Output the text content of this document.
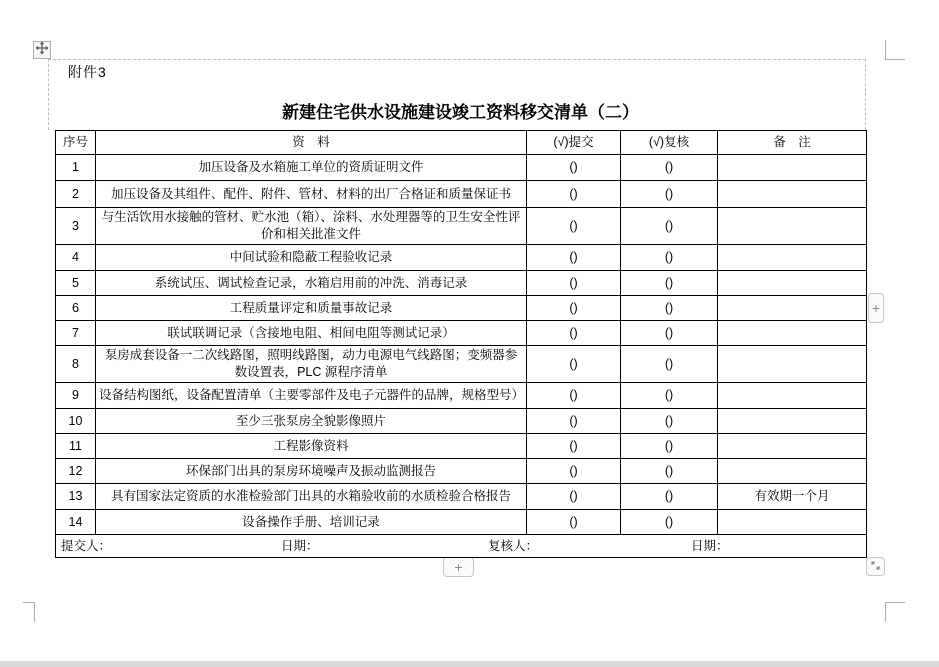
+
+
附件3
新建住宅供水设施建设竣工资料移交清单（二）
序号	资　料	(√)提交	(√)复核	备　注
1	加压设备及水箱施工单位的资质证明文件	()	()	
2	加压设备及其组件、配件、附件、管材、材料的出厂合格证和质量保证书	()	()	
3	与生活饮用水接触的管材、贮水池（箱）、涂料、水处理器等的卫生安全性评价和相关批准文件	()	()	
4	中间试验和隐蔽工程验收记录	()	()	
5	系统试压、调试检查记录，水箱启用前的冲洗、消毒记录	()	()	
6	工程质量评定和质量事故记录	()	()	
7	联试联调记录（含接地电阻、相间电阻等测试记录）	()	()	
8	泵房成套设备一二次线路图，照明线路图，动力电源电气线路图；变频器参数设置表，PLC 源程序清单	()	()	
9	设备结构图纸，设备配置清单（主要零部件及电子元器件的品牌，规格型号）	()	()	
10	至少三张泵房全貌影像照片	()	()	
11	工程影像资料	()	()	
12	环保部门出具的泵房环境噪声及振动监测报告	()	()	
13	具有国家法定资质的水准检验部门出具的水箱验收前的水质检验合格报告	()	()	有效期一个月
14	设备操作手册、培训记录	()	()	

提交人： 日期： 复核人： 日期：				
